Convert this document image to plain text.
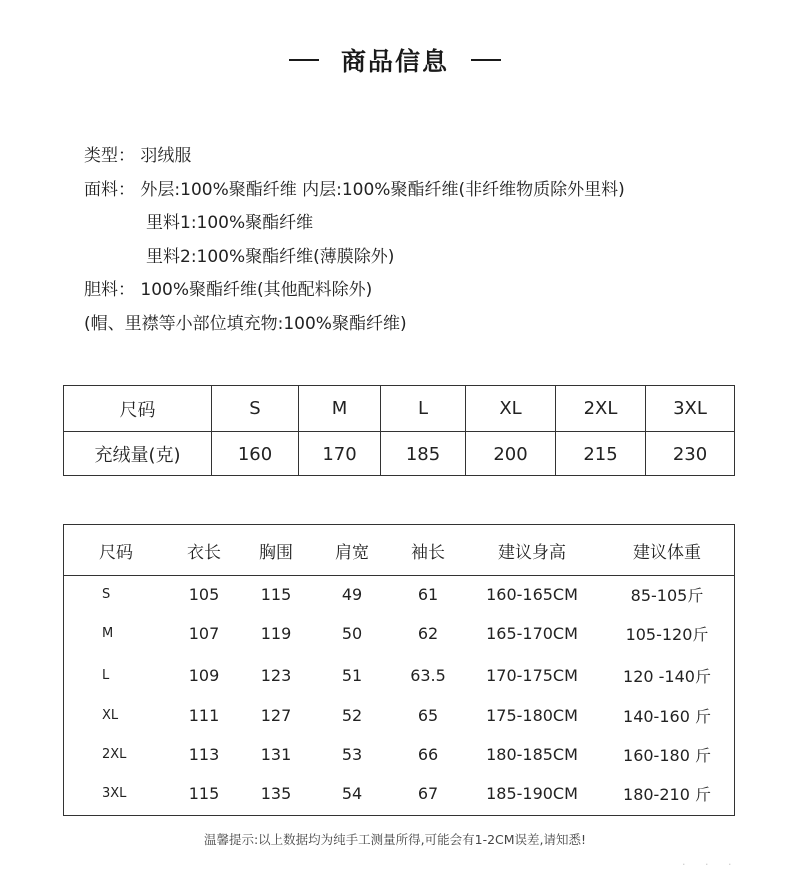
商品信息
类型： 羽绒服
面料： 外层:100%聚酯纤维 内层:100%聚酯纤维(非纤维物质除外里料)
里料1:100%聚酯纤维
里料2:100%聚酯纤维(薄膜除外)
胆料： 100%聚酯纤维(其他配料除外)
(帽、里襟等小部位填充物:100%聚酯纤维)
尺码	S	M	L	XL	2XL	3XL
充绒量(克)	160	170	185	200	215	230
尺码	衣长	胸围	肩宽	袖长	建议身高	建议体重
S	105	115	49	61	160-165CM	85-105斤
M	107	119	50	62	165-170CM	105-120斤
L	109	123	51	63.5	170-175CM	120 -140斤
XL	111	127	52	65	175-180CM	140-160 斤
2XL	113	131	53	66	180-185CM	160-180 斤
3XL	115	135	54	67	185-190CM	180-210 斤
温馨提示:以上数据均为纯手工测量所得,可能会有1-2CM误差,请知悉!
· · ·
